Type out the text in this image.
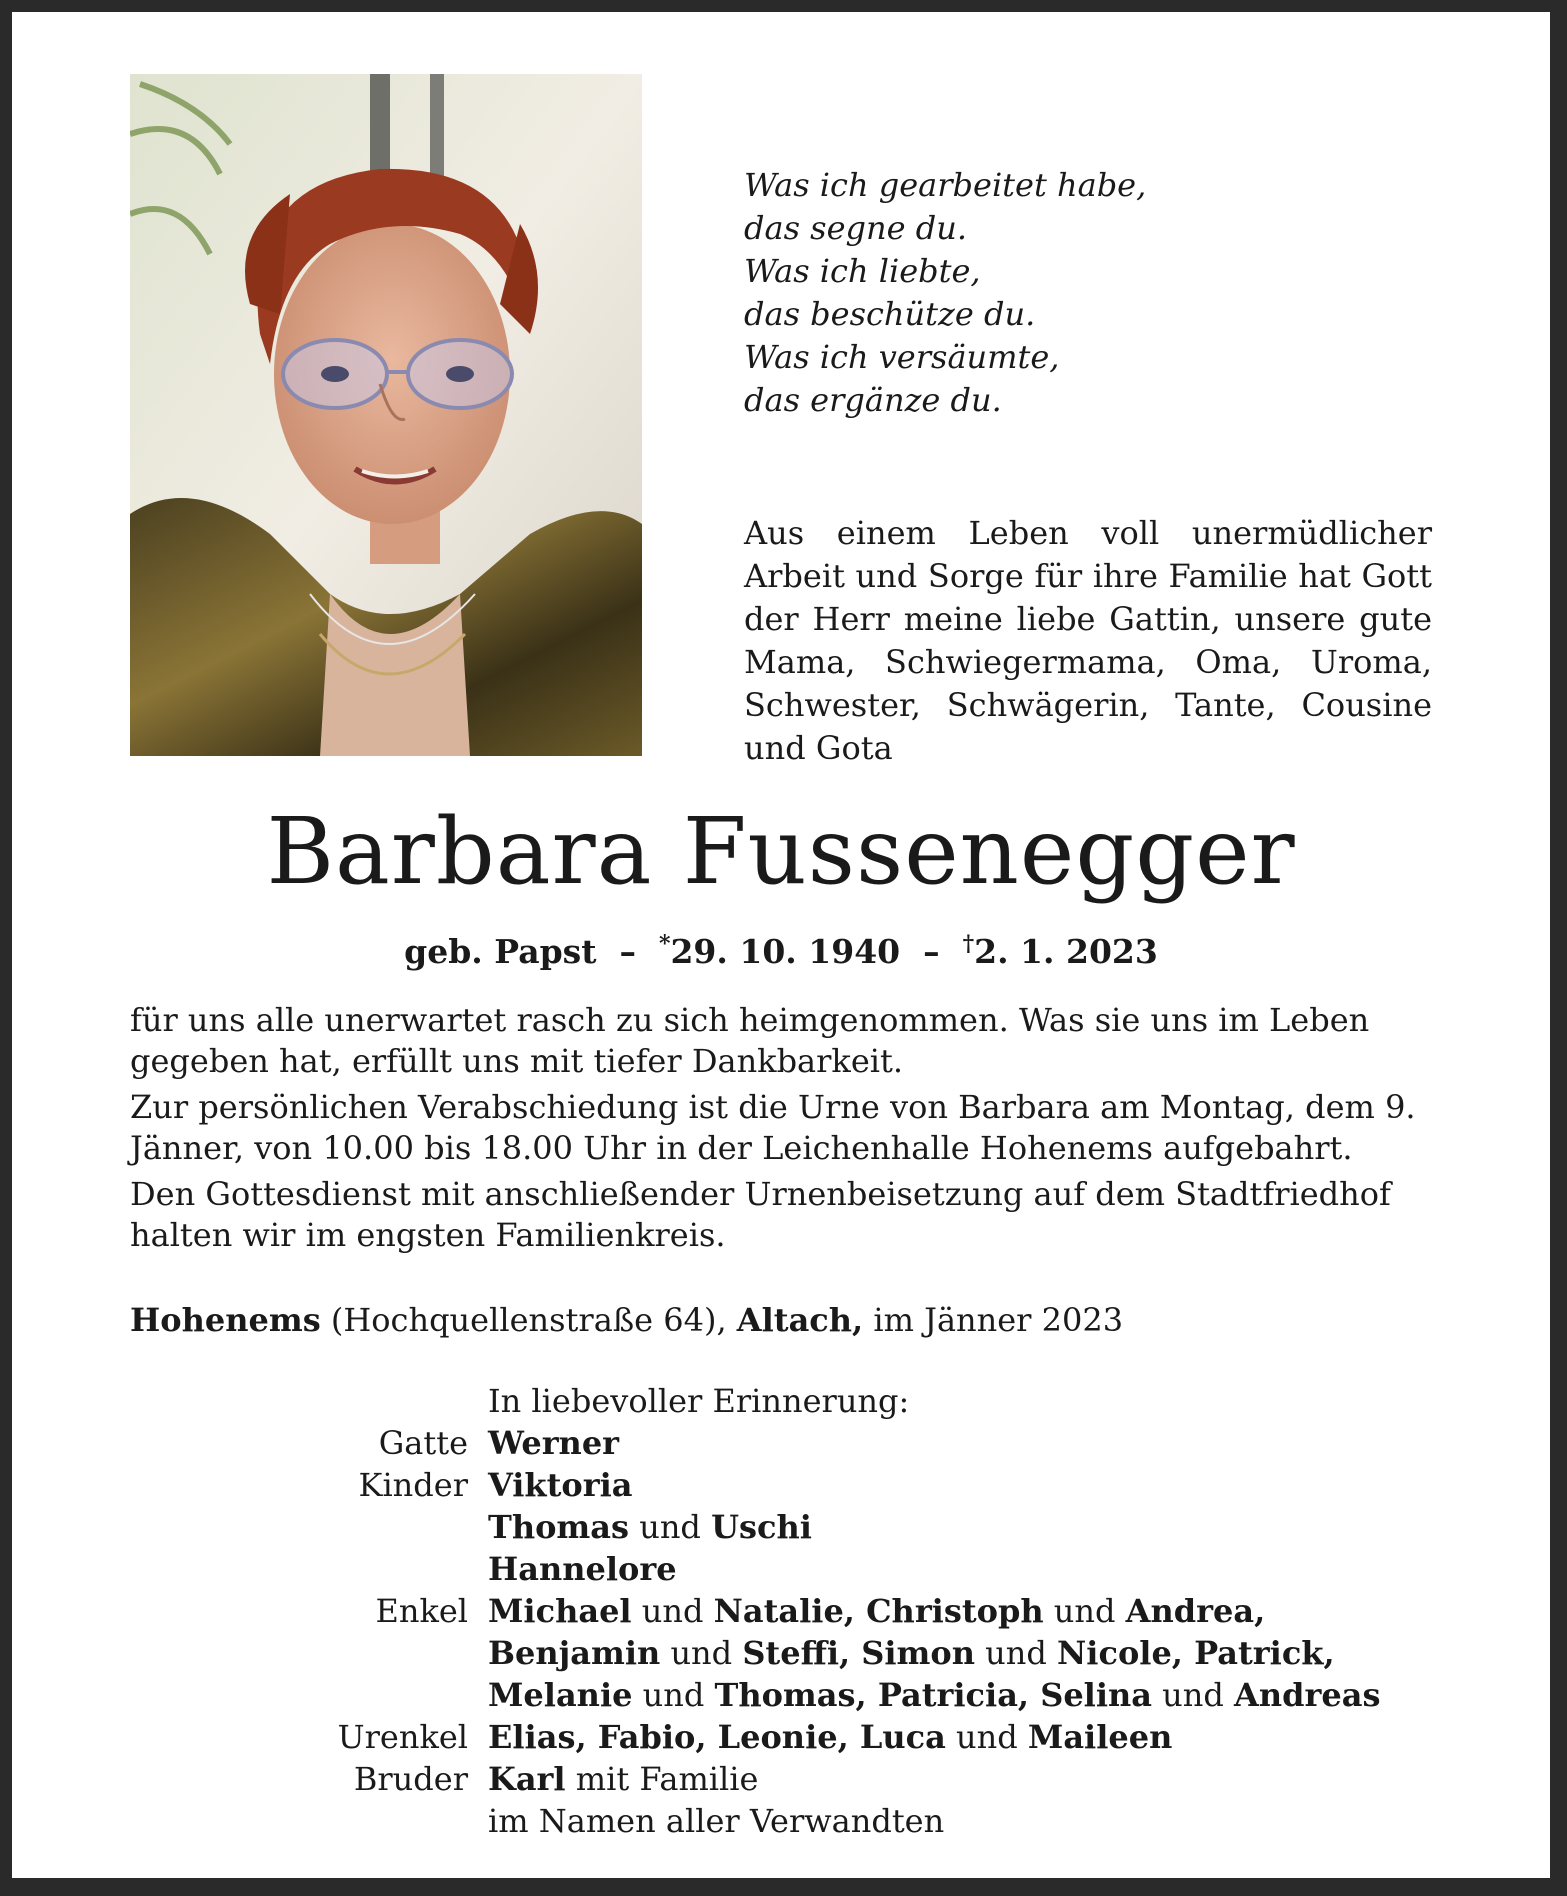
Was ich gearbeitet habe,
das segne du.
Was ich liebte,
das beschütze du.
Was ich versäumte,
das ergänze du.
Aus einem Leben voll unermüdlicher Arbeit und Sorge für ihre Familie hat Gott der Herr meine liebe Gattin, unsere gute Mama, Schwiegermama, Oma, Uroma, Schwester, Schwägerin, Tante, Cousine und Gota
Barbara Fussenegger
geb. Papst – *29. 10. 1940 – †2. 1. 2023

für uns alle unerwartet rasch zu sich heimgenommen. Was sie uns im Leben gegeben hat, erfüllt uns mit tiefer Dankbarkeit.

Zur persönlichen Verabschiedung ist die Urne von Barbara am Montag, dem 9. Jänner, von 10.00 bis 18.00 Uhr in der Leichenhalle Hohenems aufgebahrt.

Den Gottesdienst mit anschließender Urnenbeisetzung auf dem Stadtfriedhof halten wir im engsten Familienkreis.

Hohenems (Hochquellenstraße 64), Altach, im Jänner 2023
In liebevoller Erinnerung:
Gatte Werner
Kinder Viktoria
Thomas und Uschi
Hannelore
Enkel Michael und Natalie, Christoph und Andrea,
Benjamin und Steffi, Simon und Nicole, Patrick,
Melanie und Thomas, Patricia, Selina und Andreas
Urenkel Elias, Fabio, Leonie, Luca und Maileen
Bruder Karl mit Familie
im Namen aller Verwandten
